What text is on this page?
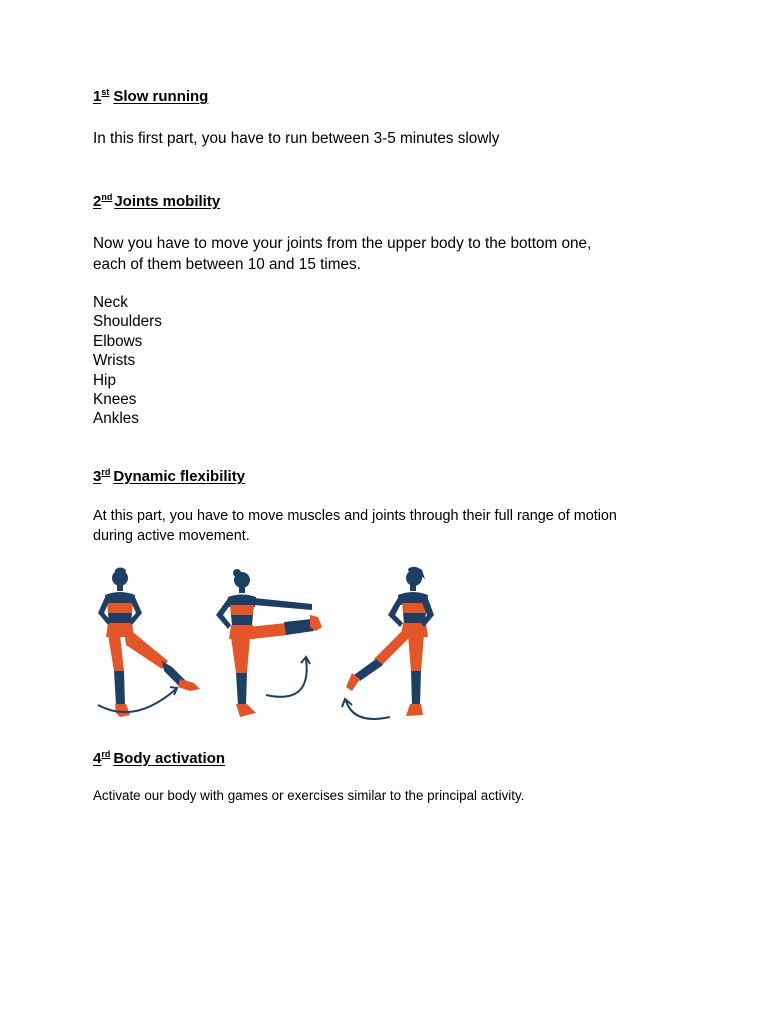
1st Slow running

In this first part, you have to run between 3-5 minutes slowly

2nd Joints mobility

Now you have to move your joints from the upper body to the bottom one,
each of them between 10 and 15 times.

Neck
Shoulders
Elbows
Wrists
Hip
Knees
Ankles

3rd Dynamic flexibility

At this part, you have to move muscles and joints through their full range of motion
during active movement.

4rd Body activation

Activate our body with games or exercises similar to the principal activity.
